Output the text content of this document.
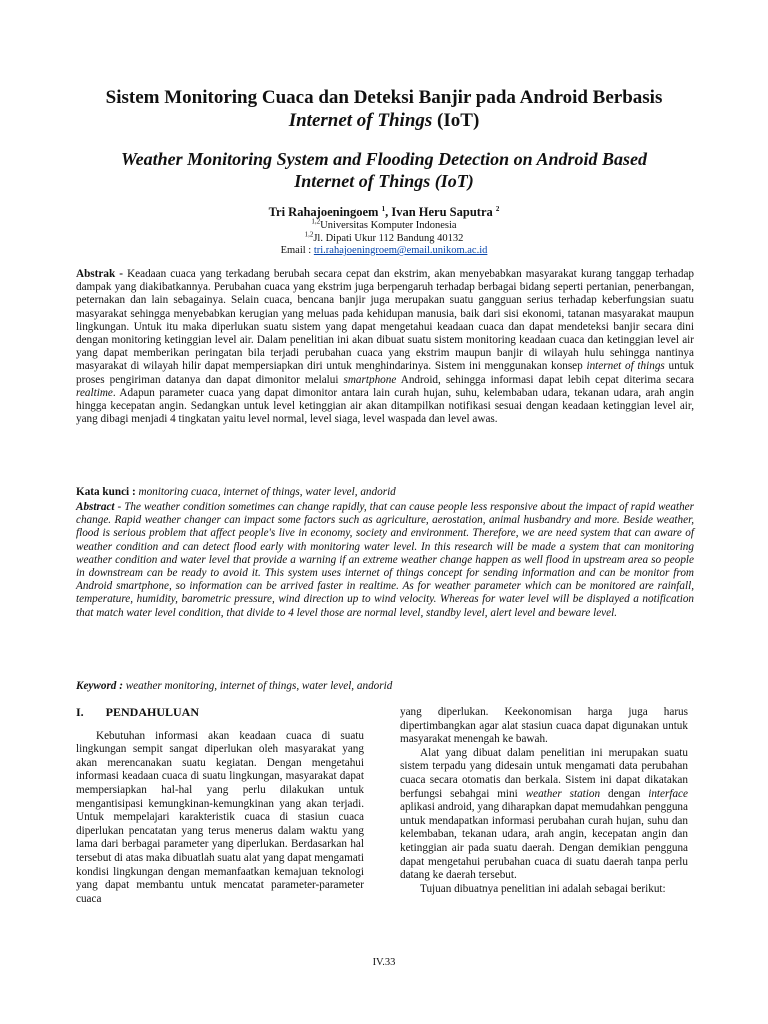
Sistem Monitoring Cuaca dan Deteksi Banjir pada Android Berbasis
Internet of Things (IoT)
Weather Monitoring System and Flooding Detection on Android Based
Internet of Things (IoT)
Tri Rahajoeningoem $^1$, Ivan Heru Saputra $^2$
$^{1,2}$Universitas Komputer Indonesia
$^{1,2}$Jl. Dipati Ukur 112 Bandung 40132
Email : tri.rahajoeningroem@email.unikom.ac.id
Abstrak - Keadaan cuaca yang terkadang berubah secara cepat dan ekstrim, akan menyebabkan masyarakat kurang tanggap terhadap dampak yang diakibatkannya. Perubahan cuaca yang ekstrim juga berpengaruh terhadap berbagai bidang seperti pertanian, penerbangan, peternakan dan lain sebagainya. Selain cuaca, bencana banjir juga merupakan suatu gangguan serius terhadap keberfungsian suatu masyarakat sehingga menyebabkan kerugian yang meluas pada kehidupan manusia, baik dari sisi ekonomi, tatanan masyarakat maupun lingkungan. Untuk itu maka diperlukan suatu sistem yang dapat mengetahui keadaan cuaca dan dapat mendeteksi banjir secara dini dengan monitoring ketinggian level air. Dalam penelitian ini akan dibuat suatu sistem monitoring keadaan cuaca dan ketinggian level air yang dapat memberikan peringatan bila terjadi perubahan cuaca yang ekstrim maupun banjir di wilayah hulu sehingga nantinya masyarakat di wilayah hilir dapat mempersiapkan diri untuk menghindarinya. Sistem ini menggunakan konsep internet of things untuk proses pengiriman datanya dan dapat dimonitor melalui smartphone Android, sehingga informasi dapat lebih cepat diterima secara realtime. Adapun parameter cuaca yang dapat dimonitor antara lain curah hujan, suhu, kelembaban udara, tekanan udara, arah angin hingga kecepatan angin. Sedangkan untuk level ketinggian air akan ditampilkan notifikasi sesuai dengan keadaan ketinggian level air, yang dibagi menjadi 4 tingkatan yaitu level normal, level siaga, level waspada dan level awas.
Kata kunci : monitoring cuaca, internet of things, water level, andorid
Abstract - The weather condition sometimes can change rapidly, that can cause people less responsive about the impact of rapid weather change. Rapid weather changer can impact some factors such as agriculture, aerostation, animal husbandry and more. Beside weather, flood is serious problem that affect people's live in economy, society and environment. Therefore, we are need system that can aware of weather condition and can detect flood early with monitoring water level. In this research will be made a system that can monitoring weather condition and water level that provide a warning if an extreme weather change happen as well flood in upstream area so people in downstream can be ready to avoid it. This system uses internet of things concept for sending information and can be monitor from Android smartphone, so information can be arrived faster in realtime. As for weather parameter which can be monitored are rainfall, temperature, humidity, barometric pressure, wind direction up to wind velocity. Whereas for water level will be displayed a notification that match water level condition, that divide to 4 level those are normal level, standby level, alert level and beware level.
Keyword : weather monitoring, internet of things, water level, andorid
I. PENDAHULUAN

Kebutuhan informasi akan keadaan cuaca di suatu lingkungan sempit sangat diperlukan oleh masyarakat yang akan merencanakan suatu kegiatan. Dengan mengetahui informasi keadaan cuaca di suatu lingkungan, masyarakat dapat mempersiapkan hal-hal yang perlu dilakukan untuk mengantisipasi kemungkinan-kemungkinan yang akan terjadi. Untuk mempelajari karakteristik cuaca di stasiun cuaca diperlukan pencatatan yang terus menerus dalam waktu yang lama dari berbagai parameter yang diperlukan. Berdasarkan hal tersebut di atas maka dibuatlah suatu alat yang dapat mengamati kondisi lingkungan dengan memanfaatkan kemajuan teknologi yang dapat membantu untuk mencatat parameter-parameter cuaca

yang diperlukan. Keekonomisan harga juga harus dipertimbangkan agar alat stasiun cuaca dapat digunakan untuk masyarakat menengah ke bawah.

Alat yang dibuat dalam penelitian ini merupakan suatu sistem terpadu yang didesain untuk mengamati data perubahan cuaca secara otomatis dan berkala. Sistem ini dapat dikatakan berfungsi sebahgai mini weather station dengan interface aplikasi android, yang diharapkan dapat memudahkan pengguna untuk mendapatkan informasi perubahan curah hujan, suhu dan kelembaban, tekanan udara, arah angin, kecepatan angin dan ketinggian air pada suatu daerah. Dengan demikian pengguna dapat mengetahui perubahan cuaca di suatu daerah tanpa perlu datang ke daerah tersebut.

Tujuan dibuatnya penelitian ini adalah sebagai berikut:

IV.33
